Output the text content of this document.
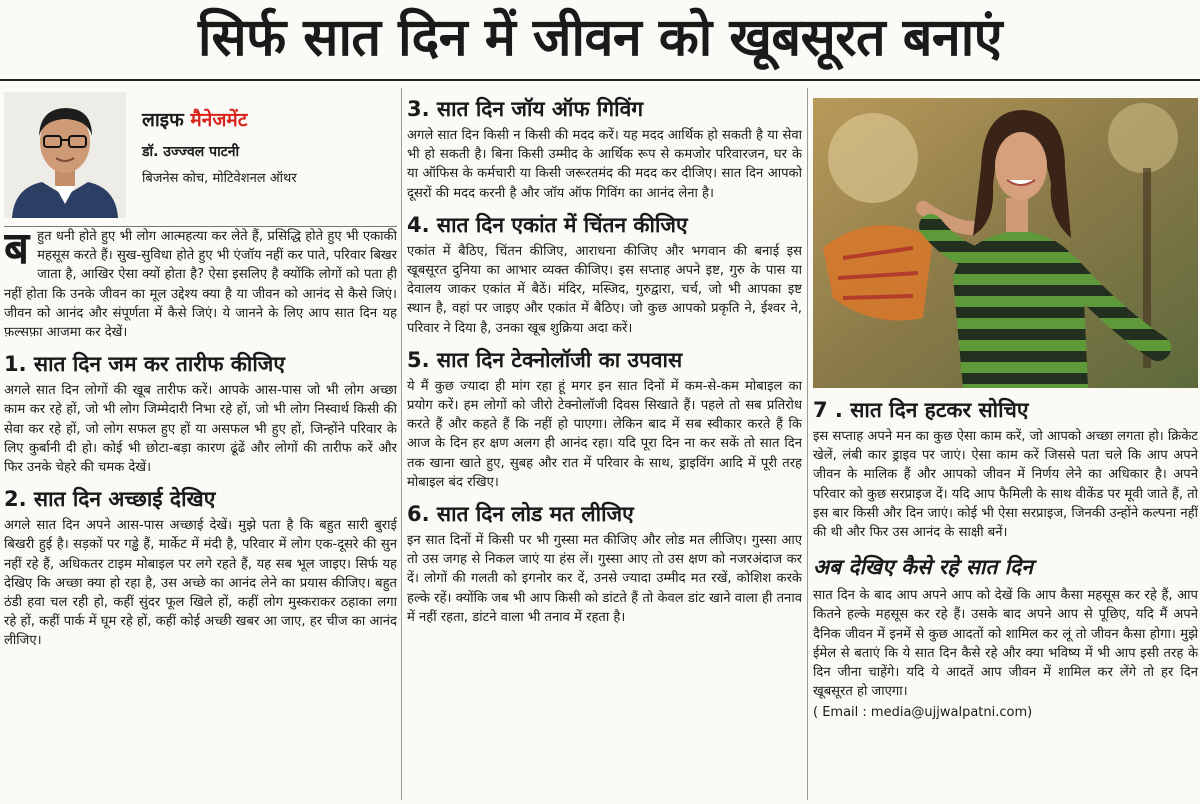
सिर्फ सात दिन में जीवन को खूबसूरत बनाएं
लाइफ मैनेजमेंट
डॉ. उज्ज्वल पाटनी
बिजनेस कोच, मोटिवेशनल ऑथर

बहुत धनी होते हुए भी लोग आत्महत्या कर लेते हैं, प्रसिद्धि होते हुए भी एकाकी महसूस करते हैं। सुख-सुविधा होते हुए भी एंजॉय नहीं कर पाते, परिवार बिखर जाता है, आखिर ऐसा क्यों होता है? ऐसा इसलिए है क्योंकि लोगों को पता ही नहीं होता कि उनके जीवन का मूल उद्देश्य क्या है या जीवन को आनंद से कैसे जिएं। जीवन को आनंद और संपूर्णता में कैसे जिएं। ये जानने के लिए आप सात दिन यह फ़ल्सफ़ा आजमा कर देखें।

1. सात दिन जम कर तारीफ कीजिए

अगले सात दिन लोगों की खूब तारीफ करें। आपके आस-पास जो भी लोग अच्छा काम कर रहे हों, जो भी लोग जिम्मेदारी निभा रहे हों, जो भी लोग निस्वार्थ किसी की सेवा कर रहे हों, जो लोग सफल हुए हों या असफल भी हुए हों, जिन्होंने परिवार के लिए कुर्बानी दी हो। कोई भी छोटा-बड़ा कारण ढूंढें और लोगों की तारीफ करें और फिर उनके चेहरे की चमक देखें।

2. सात दिन अच्छाई देखिए

अगले सात दिन अपने आस-पास अच्छाई देखें। मुझे पता है कि बहुत सारी बुराई बिखरी हुई है। सड़कों पर गड्ढे हैं, मार्केट में मंदी है, परिवार में लोग एक-दूसरे की सुन नहीं रहे हैं, अधिकतर टाइम मोबाइल पर लगे रहते हैं, यह सब भूल जाइए। सिर्फ यह देखिए कि अच्छा क्या हो रहा है, उस अच्छे का आनंद लेने का प्रयास कीजिए। बहुत ठंडी हवा चल रही हो, कहीं सुंदर फूल खिले हों, कहीं लोग मुस्कराकर ठहाका लगा रहे हों, कहीं पार्क में घूम रहे हों, कहीं कोई अच्छी खबर आ जाए, हर चीज का आनंद लीजिए।

3. सात दिन जॉय ऑफ गिविंग

अगले सात दिन किसी न किसी की मदद करें। यह मदद आर्थिक हो सकती है या सेवा भी हो सकती है। बिना किसी उम्मीद के आर्थिक रूप से कमजोर परिवारजन, घर के या ऑफिस के कर्मचारी या किसी जरूरतमंद की मदद कर दीजिए। सात दिन आपको दूसरों की मदद करनी है और जॉय ऑफ गिविंग का आनंद लेना है।

4. सात दिन एकांत में चिंतन कीजिए

एकांत में बैठिए, चिंतन कीजिए, आराधना कीजिए और भगवान की बनाई इस खूबसूरत दुनिया का आभार व्यक्त कीजिए। इस सप्ताह अपने इष्ट, गुरु के पास या देवालय जाकर एकांत में बैठें। मंदिर, मस्जिद, गुरुद्वारा, चर्च, जो भी आपका इष्ट स्थान है, वहां पर जाइए और एकांत में बैठिए। जो कुछ आपको प्रकृति ने, ईश्वर ने, परिवार ने दिया है, उनका खूब शुक्रिया अदा करें।

5. सात दिन टेक्नोलॉजी का उपवास

ये मैं कुछ ज्यादा ही मांग रहा हूं मगर इन सात दिनों में कम-से-कम मोबाइल का प्रयोग करें। हम लोगों को जीरो टेक्नोलॉजी दिवस सिखाते हैं। पहले तो सब प्रतिरोध करते हैं और कहते हैं कि नहीं हो पाएगा। लेकिन बाद में सब स्वीकार करते हैं कि आज के दिन हर क्षण अलग ही आनंद रहा। यदि पूरा दिन ना कर सकें तो सात दिन तक खाना खाते हुए, सुबह और रात में परिवार के साथ, ड्राइविंग आदि में पूरी तरह मोबाइल बंद रखिए।

6. सात दिन लोड मत लीजिए

इन सात दिनों में किसी पर भी गुस्सा मत कीजिए और लोड मत लीजिए। गुस्सा आए तो उस जगह से निकल जाएं या हंस लें। गुस्सा आए तो उस क्षण को नजरअंदाज कर दें। लोगों की गलती को इगनोर कर दें, उनसे ज्यादा उम्मीद मत रखें, कोशिश करके हल्के रहें। क्योंकि जब भी आप किसी को डांटते हैं तो केवल डांट खाने वाला ही तनाव में नहीं रहता, डांटने वाला भी तनाव में रहता है।

7 . सात दिन हटकर सोचिए

इस सप्ताह अपने मन का कुछ ऐसा काम करें, जो आपको अच्छा लगता हो। क्रिकेट खेलें, लंबी कार ड्राइव पर जाएं। ऐसा काम करें जिससे पता चले कि आप अपने जीवन के मालिक हैं और आपको जीवन में निर्णय लेने का अधिकार है। अपने परिवार को कुछ सरप्राइज दें। यदि आप फैमिली के साथ वीकेंड पर मूवी जाते हैं, तो इस बार किसी और दिन जाएं। कोई भी ऐसा सरप्राइज, जिनकी उन्होंने कल्पना नहीं की थी और फिर उस आनंद के साक्षी बनें।

अब देखिए कैसे रहे सात दिन

सात दिन के बाद आप अपने आप को देखें कि आप कैसा महसूस कर रहे हैं, आप कितने हल्के महसूस कर रहे हैं। उसके बाद अपने आप से पूछिए, यदि मैं अपने दैनिक जीवन में इनमें से कुछ आदतों को शामिल कर लूं तो जीवन कैसा होगा। मुझे ईमेल से बताएं कि ये सात दिन कैसे रहे और क्या भविष्य में भी आप इसी तरह के दिन जीना चाहेंगे। यदि ये आदतें आप जीवन में शामिल कर लेंगे तो हर दिन खूबसूरत हो जाएगा।

( Email : media@ujjwalpatni.com)
